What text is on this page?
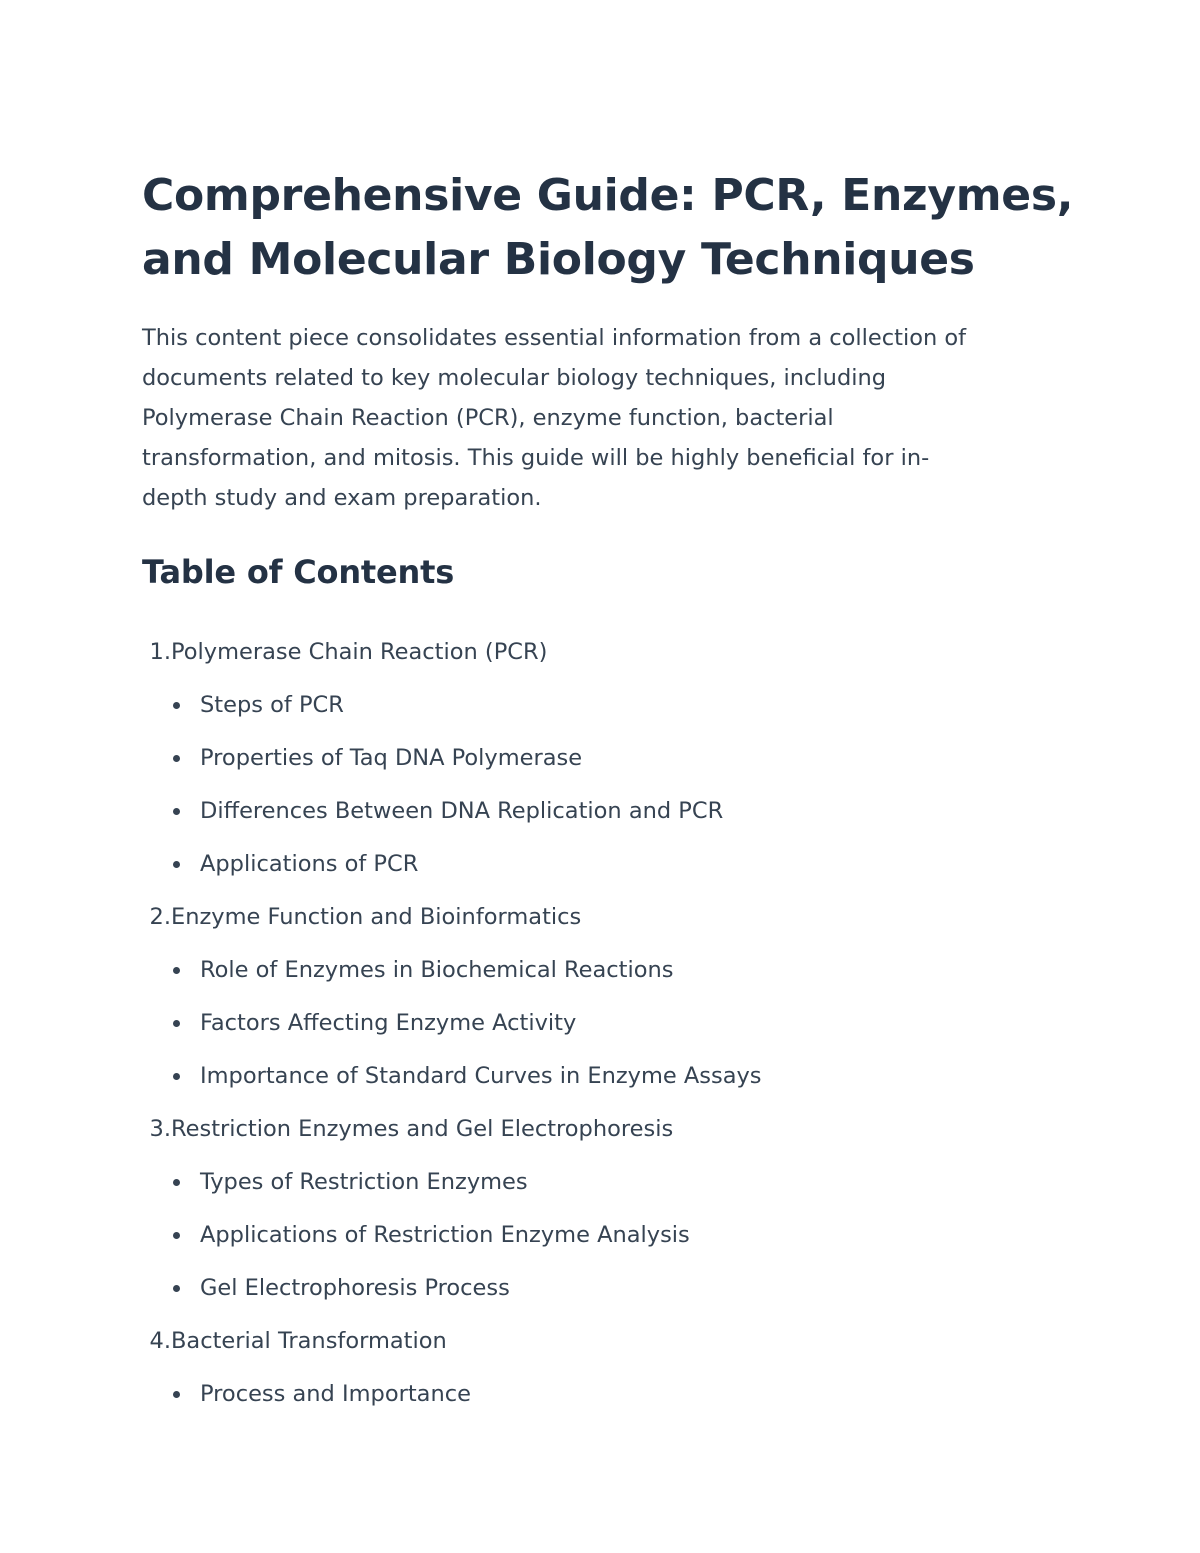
Comprehensive Guide: PCR, Enzymes,
and Molecular Biology Techniques

This content piece consolidates essential information from a collection of
documents related to key molecular biology techniques, including
Polymerase Chain Reaction (PCR), enzyme function, bacterial
transformation, and mitosis. This guide will be highly beneficial for in-
depth study and exam preparation.

Table of Contents
1. Polymerase Chain Reaction (PCR)
Steps of PCR
Properties of Taq DNA Polymerase
Differences Between DNA Replication and PCR
Applications of PCR
2. Enzyme Function and Bioinformatics
Role of Enzymes in Biochemical Reactions
Factors Affecting Enzyme Activity
Importance of Standard Curves in Enzyme Assays
3. Restriction Enzymes and Gel Electrophoresis
Types of Restriction Enzymes
Applications of Restriction Enzyme Analysis
Gel Electrophoresis Process
4. Bacterial Transformation
Process and Importance
